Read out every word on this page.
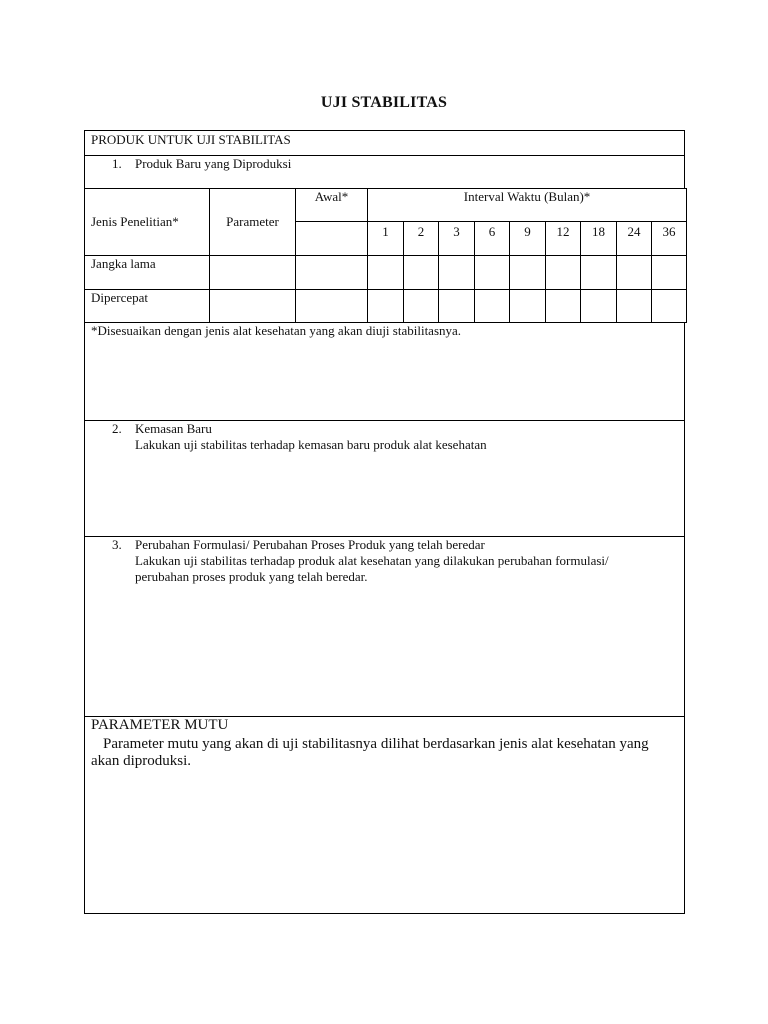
UJI STABILITAS
PRODUK UNTUK UJI STABILITAS
1. Produk Baru yang Diproduksi
Jenis Penelitian*	Parameter	Awal*	Interval Waktu (Bulan)*								
			1	2	3	6	9	12	18	24	36
Jangka lama											
Dipercepat											
*Disesuaikan dengan jenis alat kesehatan yang akan diuji stabilitasnya.
2. Kemasan Baru
Lakukan uji stabilitas terhadap kemasan baru produk alat kesehatan
3. Perubahan Formulasi/ Perubahan Proses Produk yang telah beredar
Lakukan uji stabilitas terhadap produk alat kesehatan yang dilakukan perubahan formulasi/
perubahan proses produk yang telah beredar.
PARAMETER MUTU
Parameter mutu yang akan di uji stabilitasnya dilihat berdasarkan jenis alat kesehatan yang
akan diproduksi.
